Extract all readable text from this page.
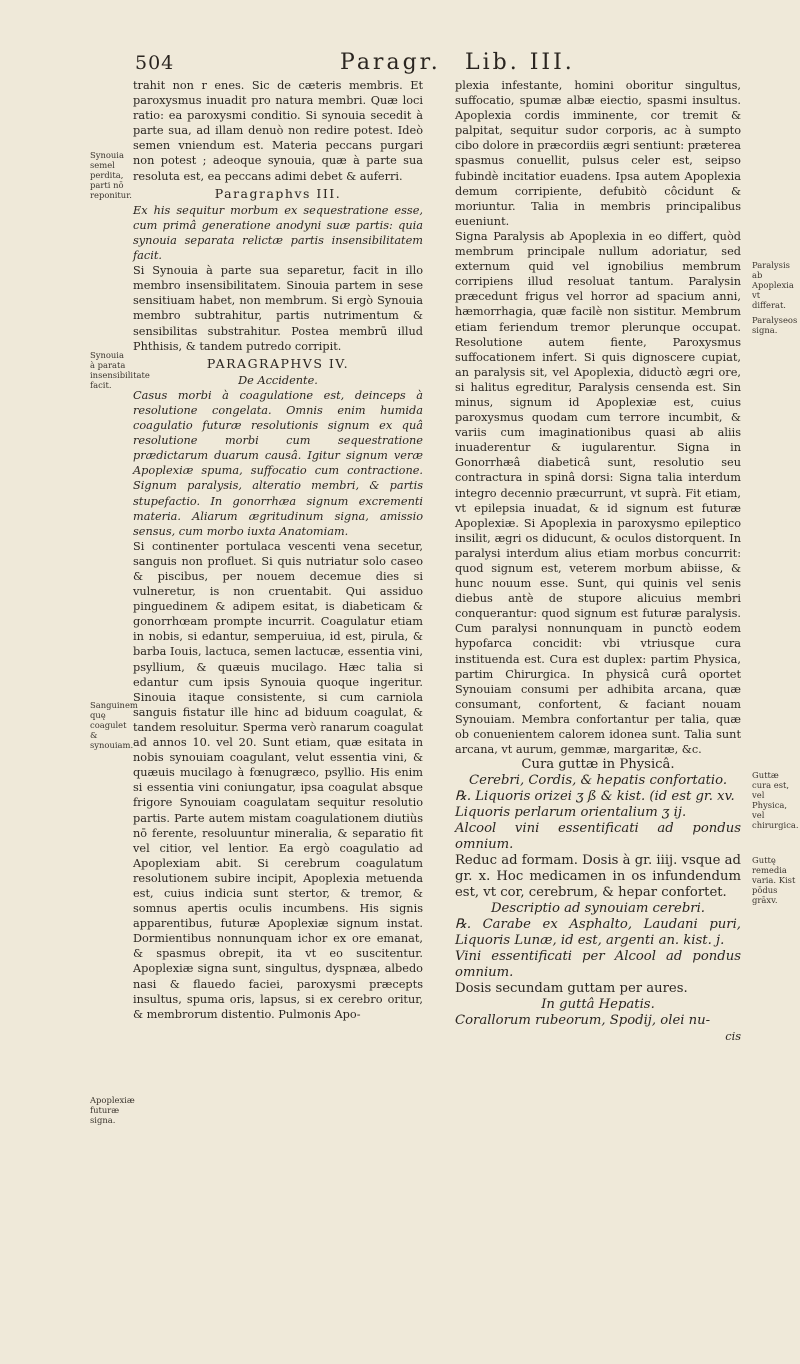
504	Paragr. Lib. III.

trahit non r enes. Sic de cæteris membris. Et paroxysmus inuadit pro natura membri. Quæ loci ratio: ea paroxysmi conditio. Si synouia secedit à parte sua, ad illam denuò non redire potest. Ideò semen vniendum est. Materia peccans purgari non potest ; adeoque synouia, quæ à parte sua resoluta est, ea peccans adimi debet & auferri.

Paragraphvs III.

Ex his sequitur morbum ex sequestratione esse, cum primâ generatione anodyni suæ partis: quia synouia separata relictæ partis insensibilitatem facit.

Si Synouia à parte sua separetur, facit in illo membro insensibilitatem. Sinouia partem in sese sensitiuam habet, non membrum. Si ergò Synouia membro subtrahitur, partis nutrimentum & sensibilitas substrahitur. Postea membrū illud Phthisis, & tandem putredo corripit.

PARAGRAPHVS IV.

De Accidente.

Casus morbi à coagulatione est, deinceps à resolutione congelata. Omnis enim humida coagulatio futuræ resolutionis signum ex quâ resolutione morbi cum sequestratione prædictarum duarum causâ. Igitur signum veræ Apoplexiæ spuma, suffocatio cum contractione. Signum paralysis, alteratio membri, & partis stupefactio. In gonorrhæa signum excrementi materia. Aliarum ægritudinum signa, amissio sensus, cum morbo iuxta Anatomiam.

Si continenter portulaca vescenti vena secetur, sanguis non profluet. Si quis nutriatur solo caseo & piscibus, per nouem decemue dies si vulneretur, is non cruentabit. Qui assiduo pinguedinem & adipem esitat, is diabeticam & gonorrhœam prompte incurrit. Coagulatur etiam in nobis, si edantur, semperuiua, id est, pirula, & barba Iouis, lactuca, semen lactucæ, essentia vini, psyllium, & quæuis mucilago. Hæc talia si edantur cum ipsis Synouia quoque ingeritur. Sinouia itaque consistente, si cum carniola sanguis fistatur ille hinc ad biduum coagulat, & tandem resoluitur. Sperma verò ranarum coagulat ad annos 10. vel 20. Sunt etiam, quæ esitata in nobis synouiam coagulant, velut essentia vini, & quæuis mucilago à fœnugræco, psyllio. His enim si essentia vini coniungatur, ipsa coagulat absque frigore Synouiam coagulatam sequitur resolutio partis. Parte autem mistam coagulationem diutiùs nō ferente, resoluuntur mineralia, & separatio fit vel citior, vel lentior. Ea ergò coagulatio ad Apoplexiam abit. Si cerebrum coagulatum resolutionem subire incipit, Apoplexia metuenda est, cuius indicia sunt stertor, & tremor, & somnus apertis oculis incumbens. His signis apparentibus, futuræ Apoplexiæ signum instat. Dormientibus nonnunquam ichor ex ore emanat, & spasmus obrepit, ita vt eo suscitentur. Apoplexiæ signa sunt, singultus, dyspnæa, albedo nasi & flauedo faciei, paroxysmi præcepts insultus, spuma oris, lapsus, si ex cerebro oritur, & membrorum distentio. Pulmonis Apo-

plexia infestante, homini oboritur singultus, suffocatio, spumæ albæ eiectio, spasmi insultus. Apoplexia cordis imminente, cor tremit & palpitat, sequitur sudor corporis, ac à sumpto cibo dolore in præcordiis ægri sentiunt: præterea spasmus conuellit, pulsus celer est, seipso fubindè incitatior euadens. Ipsa autem Apoplexia demum corripiente, defubitò côcidunt & moriuntur. Talia in membris principalibus eueniunt.

Signa Paralysis ab Apoplexia in eo differt, quòd membrum principale nullum adoriatur, sed externum quid vel ignobilius membrum corripiens illud resoluat tantum. Paralysin præcedunt frigus vel horror ad spacium anni, hæmorrhagia, quæ facilè non sistitur. Membrum etiam feriendum tremor plerunque occupat. Resolutione autem fiente, Paroxysmus suffocationem infert. Si quis dignoscere cupiat, an paralysis sit, vel Apoplexia, diductò ægri ore, si halitus egreditur, Paralysis censenda est. Sin minus, signum id Apoplexiæ est, cuius paroxysmus quodam cum terrore incumbit, & variis cum imaginationibus quasi ab aliis inuaderentur & iugularentur. Signa in Gonorrhæâ diabeticâ sunt, resolutio seu contractura in spinâ dorsi: Signa talia interdum integro decennio præcurrunt, vt suprà. Fit etiam, vt epilepsia inuadat, & id signum est futuræ Apoplexiæ. Si Apoplexia in paroxysmo epileptico insilit, ægri os diducunt, & oculos distorquent. In paralysi interdum alius etiam morbus concurrit: quod signum est, veterem morbum abiisse, & hunc nouum esse. Sunt, qui quinis vel senis diebus antè de stupore alicuius membri conquerantur: quod signum est futuræ paralysis. Cum paralysi nonnunquam in punctò eodem hypofarca concidit: vbi vtriusque cura instituenda est. Cura est duplex: partim Physica, partim Chirurgica. In physicâ curâ oportet Synouiam consumi per adhibita arcana, quæ consumant, confortent, & faciant nouam Synouiam. Membra confortantur per talia, quæ ob conuenientem calorem idonea sunt. Talia sunt arcana, vt aurum, gemmæ, margaritæ, &c.

Cura guttæ in Physicâ.

Cerebri, Cordis, & hepatis confortatio.

℞. Liquoris orizei ʒ ß & kist. (id est gr. xv.

Liquoris perlarum orientalium ʒ ij.

Alcool vini essentificati ad pondus omnium.

Reduc ad formam. Dosis à gr. iiij. vsque ad gr. x. Hoc medicamen in os infundendum est, vt cor, cerebrum, & hepar confortet.

Descriptio ad synouiam cerebri.

℞. Carabe ex Asphalto, Laudani puri, Liquoris Lunæ, id est, argenti an. kist. j.

Vini essentificati per Alcool ad pondus omnium.

Dosis secundam guttam per aures.

In guttâ Hepatis.

Corallorum rubeorum, Spodij, olei nu-

cis

Synouia semel perdita, parti nō reponitur.
Synouia à parata insensibilitate facit.
Sanguinem quę coagulet & synouiam.
Apoplexiæ futuræ signa.
Paralysis ab Apoplexia vt differat.
Paralyseos signa.
Guttæ cura est, vel Physica, vel chirurgica.
Guttę remedia varia. Kist pōdus grāxv.
